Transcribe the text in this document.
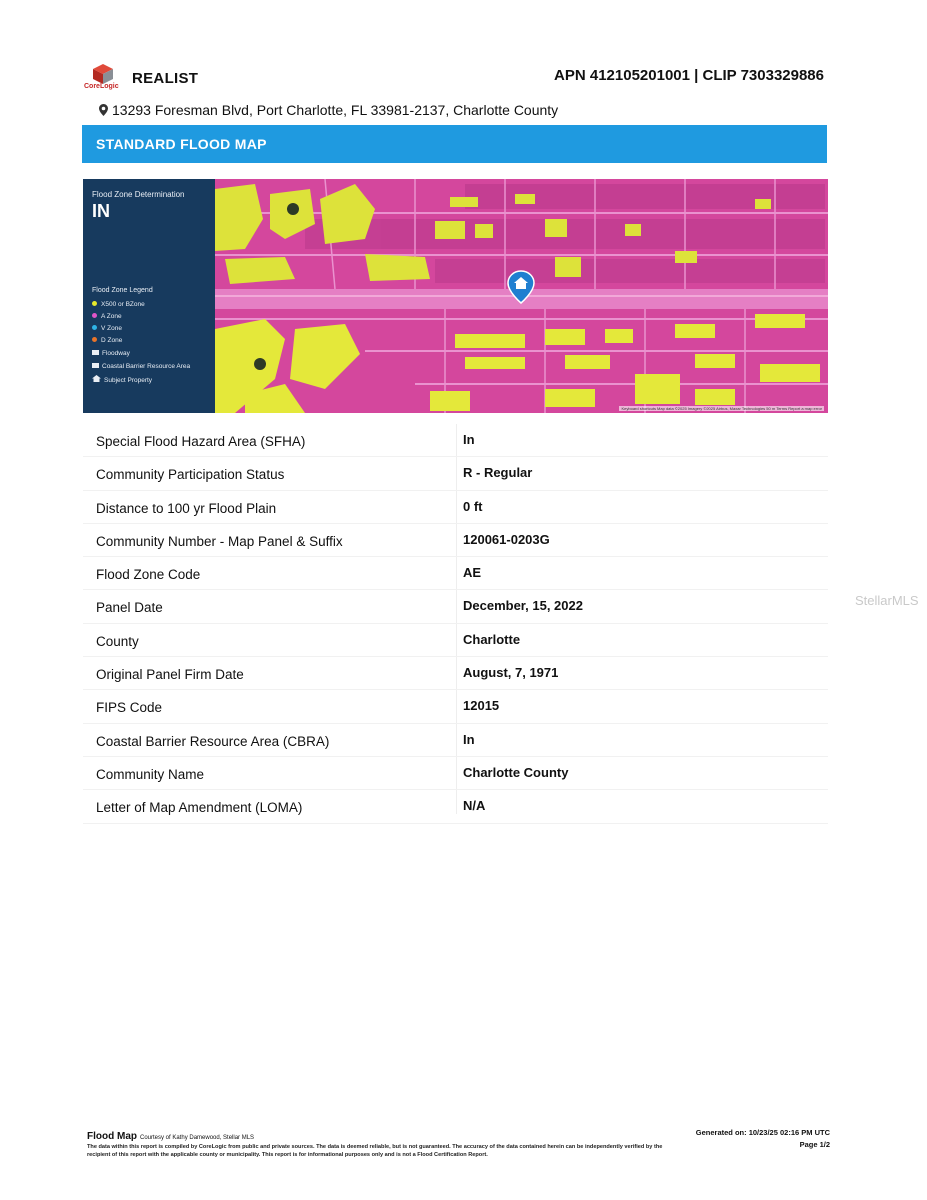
CoreLogic REALIST	APN 412105201001 | CLIP 7303329886
13293 Foresman Blvd, Port Charlotte, FL 33981-2137, Charlotte County
STANDARD FLOOD MAP
Flood Zone Determination
IN
Flood Zone Legend
X500 or BZone
A Zone
V Zone
D Zone
Floodway
Coastal Barrier Resource Area
Subject Property
Keyboard shortcuts Map data ©2025 Imagery ©2025 Airbus, Maxar Technologies 50 m Terms Report a map error
Special Flood Hazard Area (SFHA)	In
Community Participation Status	R - Regular
Distance to 100 yr Flood Plain	0 ft
Community Number - Map Panel & Suffix	120061-0203G
Flood Zone Code	AE
Panel Date	December, 15, 2022
County	Charlotte
Original Panel Firm Date	August, 7, 1971
FIPS Code	12015
Coastal Barrier Resource Area (CBRA)	In
Community Name	Charlotte County
Letter of Map Amendment (LOMA)	N/A
StellarMLS
Flood Map Courtesy of Kathy Damewood, Stellar MLS
The data within this report is compiled by CoreLogic from public and private sources. The data is deemed reliable, but is not guaranteed. The accuracy of the data contained herein can be independently verified by the recipient of this report with the applicable county or municipality. This report is for informational purposes only and is not a Flood Certification Report.
Generated on: 10/23/25 02:16 PM UTC
Page 1/2
